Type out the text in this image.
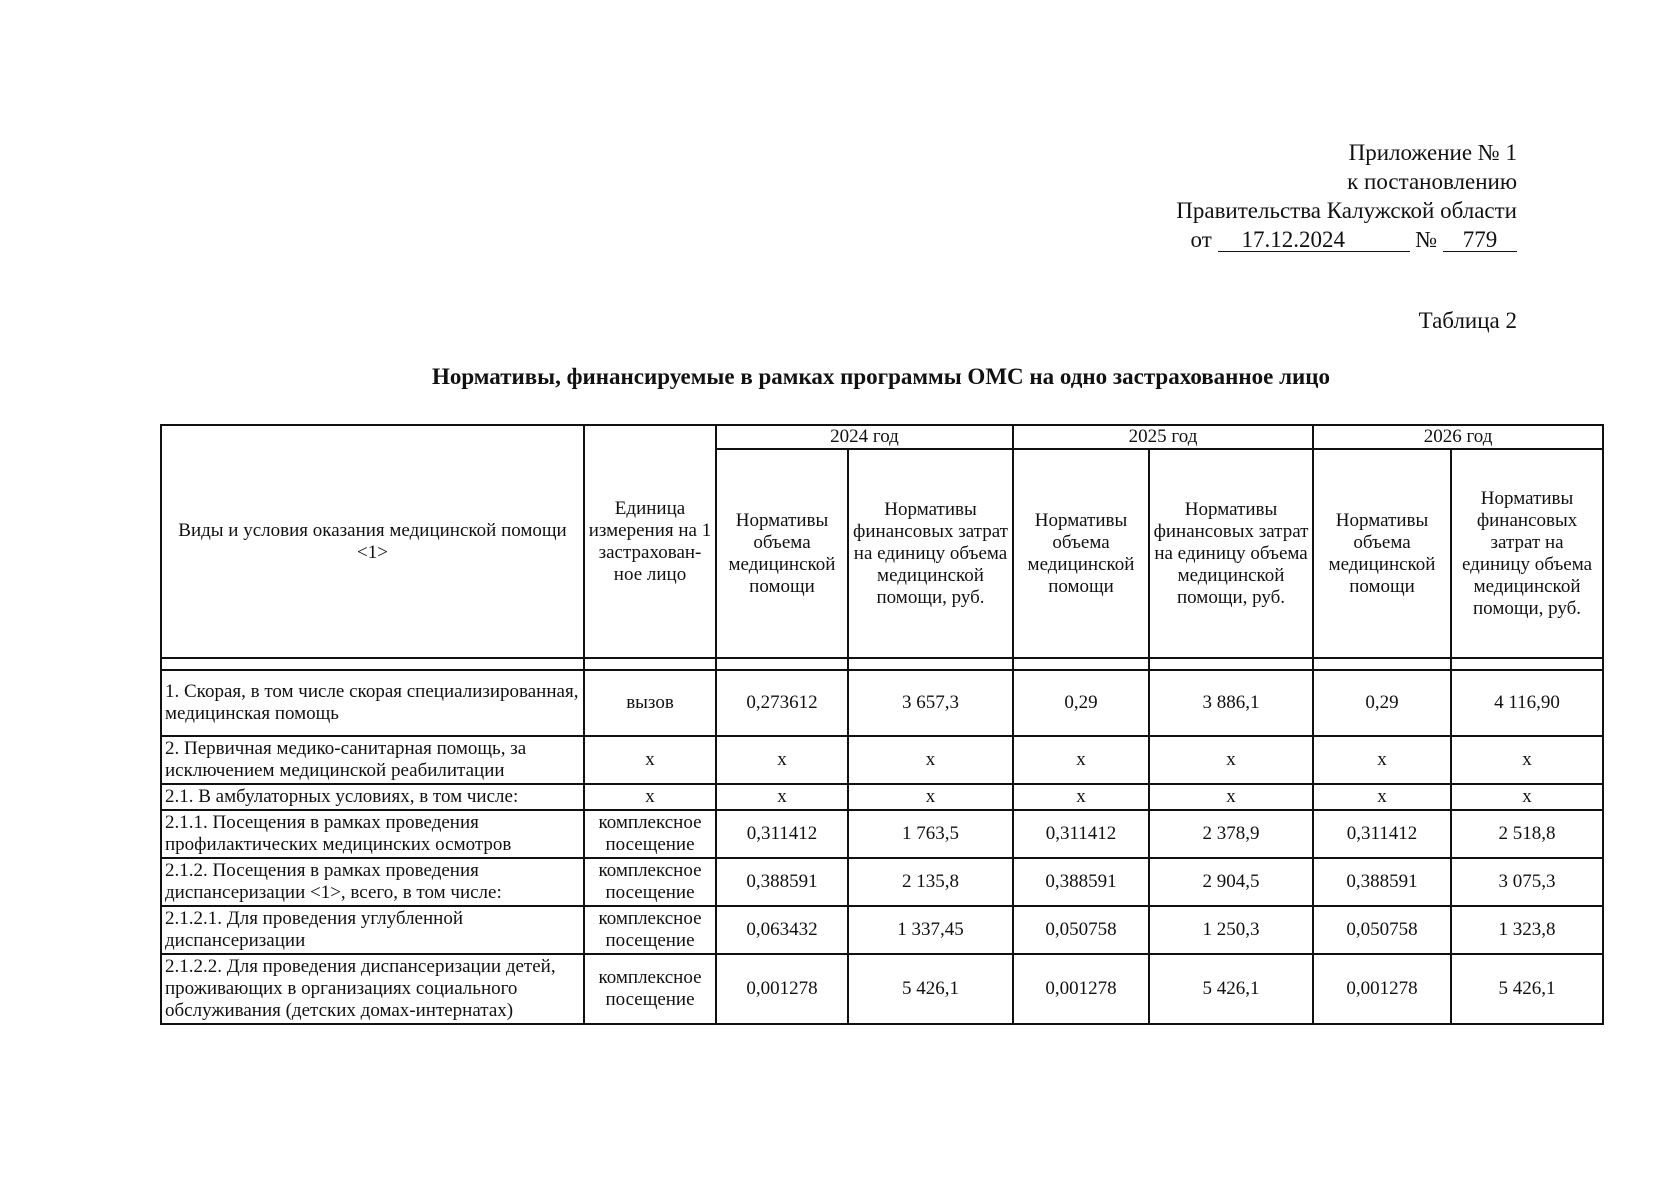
Приложение № 1
к постановлению
Правительства Калужской области
от 17.12.2024	№ 779
Таблица 2
Нормативы, финансируемые в рамках программы ОМС на одно застрахованное лицо
Виды и условия оказания медицинской помощи <1>	Единица измерения на 1 застрахован-ное лицо	2024 год		2025 год		2026 год	
		Нормативы объема медицинской помощи	Нормативы финансовых затрат на единицу объема медицинской помощи, руб.	Нормативы объема медицинской помощи	Нормативы финансовых затрат на единицу объема медицинской помощи, руб.	Нормативы объема медицинской помощи	Нормативы финансовых затрат на единицу объема медицинской помощи, руб.

1. Скорая, в том числе скорая специализированная, медицинская помощь	вызов	0,273612	3 657,3	0,29	3 886,1	0,29	4 116,90
2. Первичная медико-санитарная помощь, за исключением медицинской реабилитации	х	х	х	х	х	х	х
2.1. В амбулаторных условиях, в том числе:	х	х	х	х	х	х	х
2.1.1. Посещения в рамках проведения профилактических медицинских осмотров	комплексное посещение	0,311412	1 763,5	0,311412	2 378,9	0,311412	2 518,8
2.1.2. Посещения в рамках проведения диспансеризации <1>, всего, в том числе:	комплексное посещение	0,388591	2 135,8	0,388591	2 904,5	0,388591	3 075,3
2.1.2.1. Для проведения углубленной диспансеризации	комплексное посещение	0,063432	1 337,45	0,050758	1 250,3	0,050758	1 323,8
2.1.2.2. Для проведения диспансеризации детей, проживающих в организациях социального обслуживания (детских домах-интернатах)	комплексное посещение	0,001278	5 426,1	0,001278	5 426,1	0,001278	5 426,1
